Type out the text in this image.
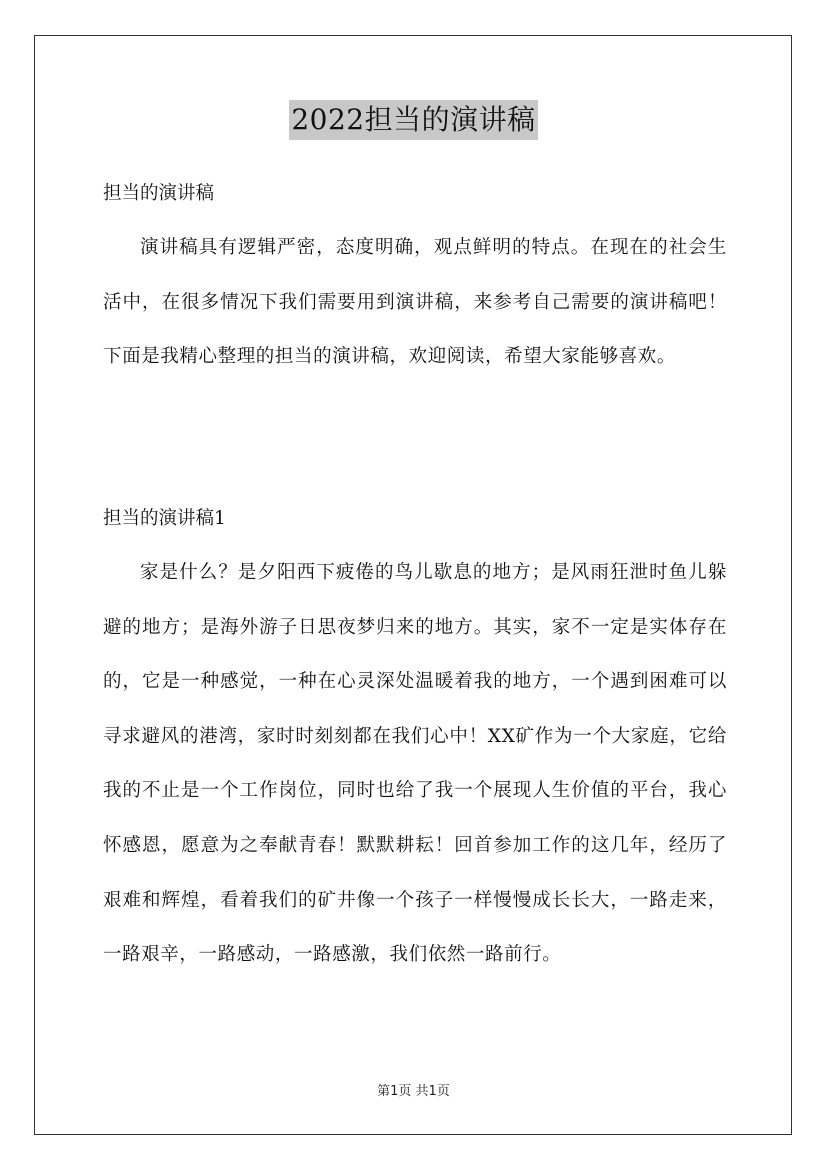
2022担当的演讲稿
担当的演讲稿

演讲稿具有逻辑严密，态度明确，观点鲜明的特点。在现在的社会生活中，在很多情况下我们需要用到演讲稿，来参考自己需要的演讲稿吧！下面是我精心整理的担当的演讲稿，欢迎阅读，希望大家能够喜欢。

担当的演讲稿1

家是什么？是夕阳西下疲倦的鸟儿歇息的地方；是风雨狂泄时鱼儿躲避的地方；是海外游子日思夜梦归来的地方。其实，家不一定是实体存在的，它是一种感觉，一种在心灵深处温暖着我的地方，一个遇到困难可以寻求避风的港湾，家时时刻刻都在我们心中！XX矿作为一个大家庭，它给我的不止是一个工作岗位，同时也给了我一个展现人生价值的平台，我心怀感恩，愿意为之奉献青春！默默耕耘！回首参加工作的这几年，经历了艰难和辉煌，看着我们的矿井像一个孩子一样慢慢成长长大，一路走来，一路艰辛，一路感动，一路感激，我们依然一路前行。

第1页 共1页
